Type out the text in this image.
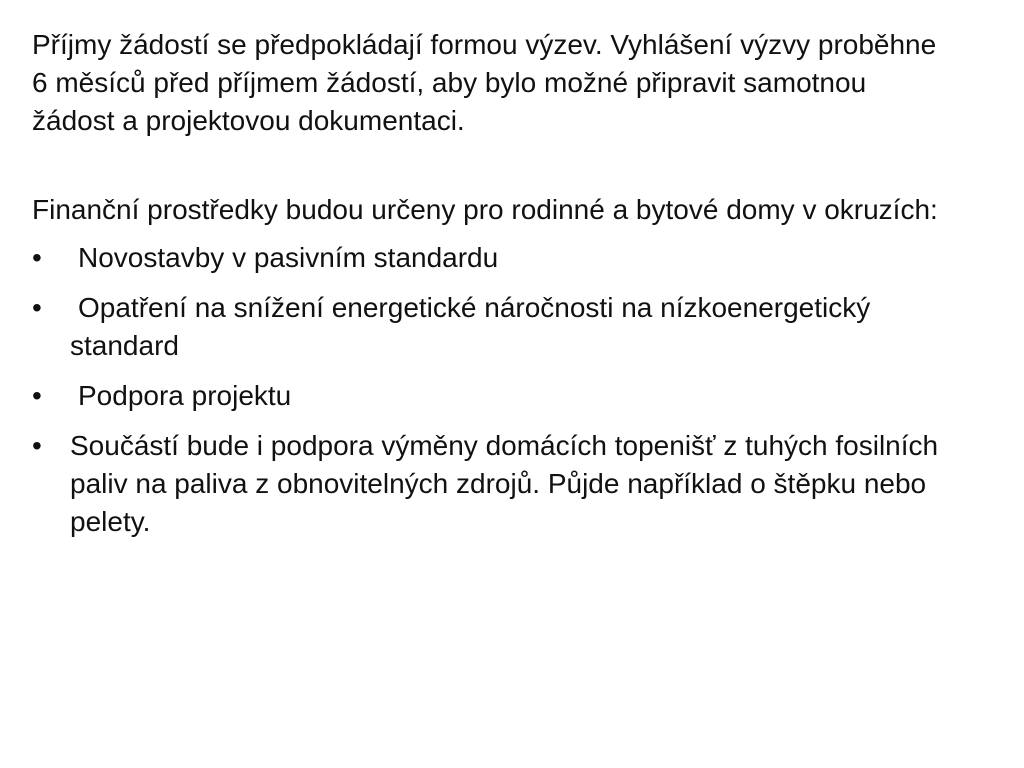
Příjmy žádostí se předpokládají formou výzev. Vyhlášení výzvy proběhne 6 měsíců před příjmem žádostí, aby bylo možné připravit samotnou žádost a projektovou dokumentaci.

Finanční prostředky budou určeny pro rodinné a bytové domy v okruzích:

•	Novostavby v pasivním standardu
•	Opatření na snížení energetické náročnosti na nízkoenergetický standard
•	Podpora projektu
•	Součástí bude i podpora výměny domácích topenišť z tuhých fosilních paliv na paliva z obnovitelných zdrojů. Půjde například o štěpku nebo pelety.
